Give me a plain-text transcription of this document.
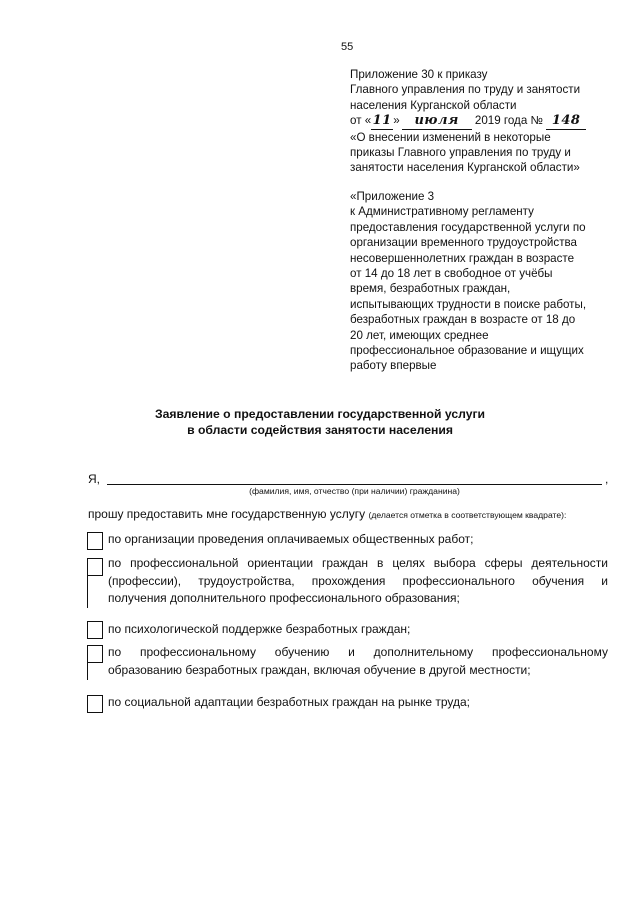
55
Приложение 30 к приказу
Главного управления по труду и занятости
населения Курганской области
от «11» июля 2019 года № 148
«О внесении изменений в некоторые
приказы Главного управления по труду и
занятости населения Курганской области»
«Приложение 3
к Административному регламенту
предоставления государственной услуги по
организации временного трудоустройства
несовершеннолетних граждан в возрасте
от 14 до 18 лет в свободное от учёбы
время, безработных граждан,
испытывающих трудности в поиске работы,
безработных граждан в возрасте от 18 до
20 лет, имеющих среднее
профессиональное образование и ищущих
работу впервые
Заявление о предоставлении государственной услуги
в области содействия занятости населения
Я,	,
(фамилия, имя, отчество (при наличии) гражданина)
прошу предоставить мне государственную услугу (делается отметка в соответствующем квадрате):
по организации проведения оплачиваемых общественных работ;
по профессиональной ориентации граждан в целях выбора сферы деятельности
(профессии), трудоустройства, прохождения профессионального обучения и
получения дополнительного профессионального образования;
по психологической поддержке безработных граждан;
по профессиональному обучению и дополнительному профессиональному
образованию безработных граждан, включая обучение в другой местности;
по социальной адаптации безработных граждан на рынке труда;
